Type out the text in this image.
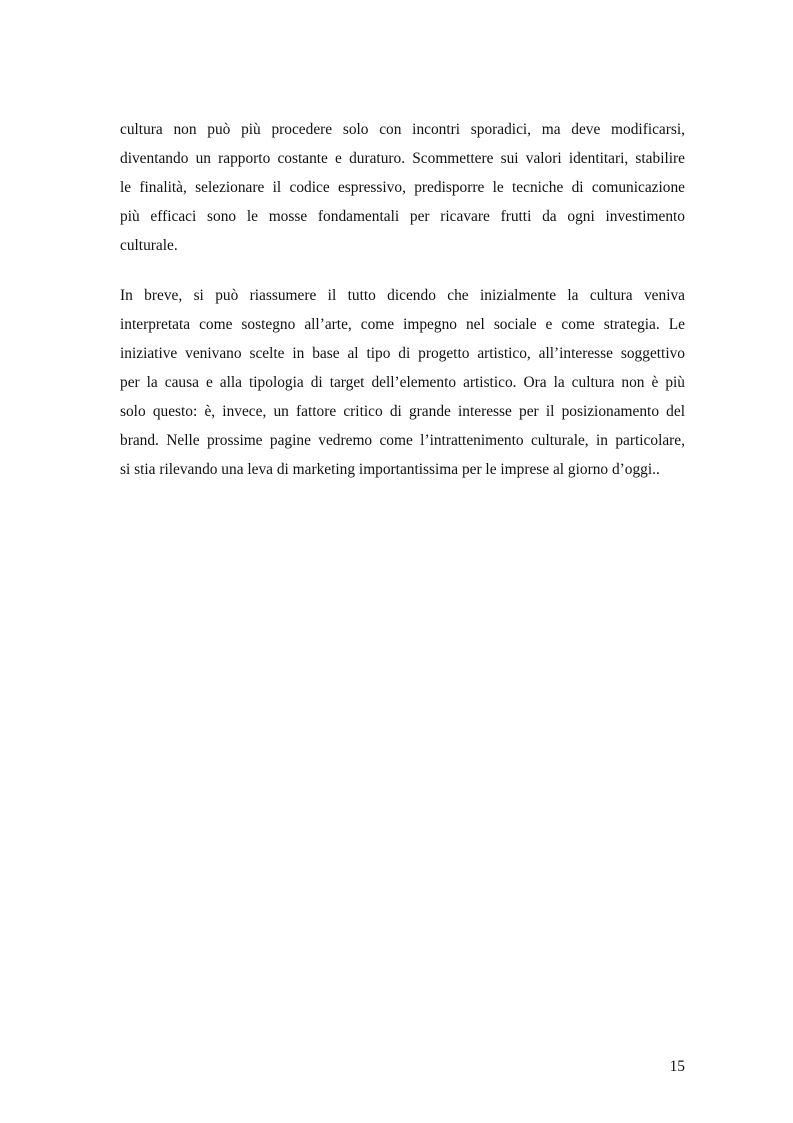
cultura non può più procedere solo con incontri sporadici, ma deve modificarsi,
diventando un rapporto costante e duraturo. Scommettere sui valori identitari, stabilire
le finalità, selezionare il codice espressivo, predisporre le tecniche di comunicazione
più efficaci sono le mosse fondamentali per ricavare frutti da ogni investimento
culturale.
In breve, si può riassumere il tutto dicendo che inizialmente la cultura veniva
interpretata come sostegno all’arte, come impegno nel sociale e come strategia. Le
iniziative venivano scelte in base al tipo di progetto artistico, all’interesse soggettivo
per la causa e alla tipologia di target dell’elemento artistico. Ora la cultura non è più
solo questo: è, invece, un fattore critico di grande interesse per il posizionamento del
brand. Nelle prossime pagine vedremo come l’intrattenimento culturale, in particolare,
si stia rilevando una leva di marketing importantissima per le imprese al giorno d’oggi..
15
